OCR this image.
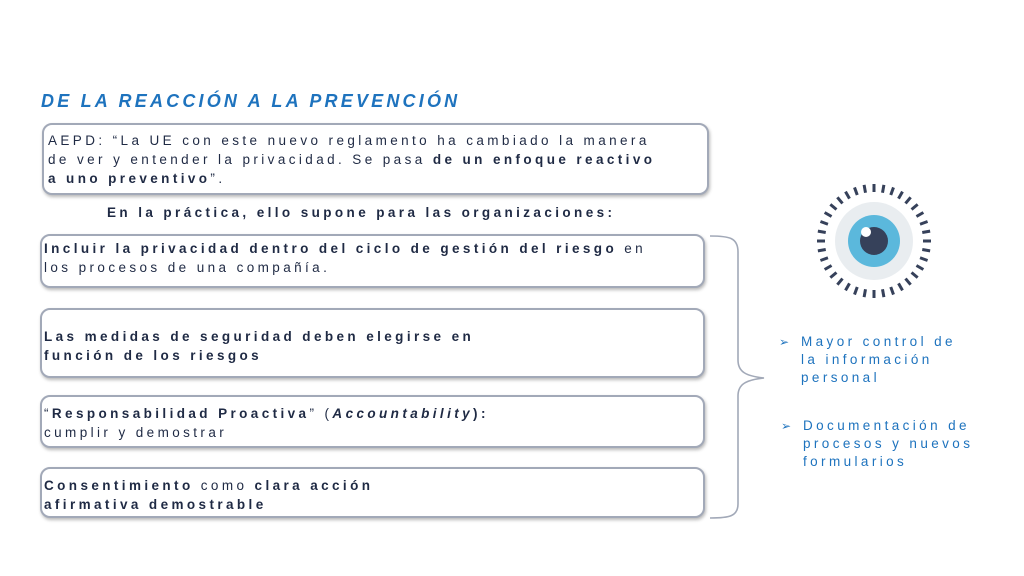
DE LA REACCIÓN A LA PREVENCIÓN
AEPD: “La UE con este nuevo reglamento ha cambiado la manera
de ver y entender la privacidad. Se pasa de un enfoque reactivo
a uno preventivo”.
En la práctica, ello supone para las organizaciones:
Incluir la privacidad dentro del ciclo de gestión del riesgo en
los procesos de una compañía.
Las medidas de seguridad deben elegirse en
función de los riesgos
“Responsabilidad Proactiva” (Accountability):
cumplir y demostrar
Consentimiento como clara acción
afirmativa demostrable
➢ Mayor control de
la información
personal
➢ Documentación de
procesos y nuevos
formularios
